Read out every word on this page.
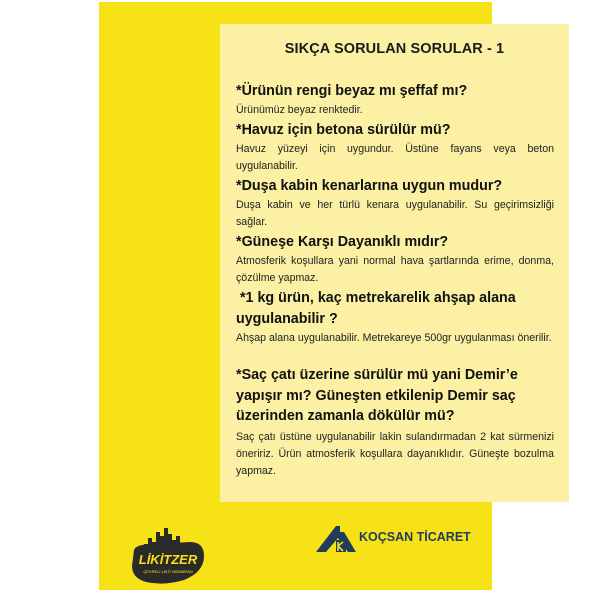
SIKÇA SORULAN SORULAR - 1
*Ürünün rengi beyaz mı şeffaf mı?
Ürünümüz beyaz renktedir.
*Havuz için betona sürülür mü?
Havuz yüzeyi için uygundur. Üstüne fayans veya beton uygulanabilir.
*Duşa kabin kenarlarına uygun mudur?
Duşa kabin ve her türlü kenara uygulanabilir. Su geçirimsizliği sağlar.
*Güneşe Karşı Dayanıklı mıdır?
Atmosferik koşullara yani normal hava şartlarında erime, donma, çözülme yapmaz.
*1 kg ürün, kaç metrekarelik ahşap alana uygulanabilir ?
Ahşap alana uygulanabilir. Metrekareye 500gr uygulanması önerilir.
*Saç çatı üzerine sürülür mü yani Demir’e yapışır mı? Güneşten etkilenip Demir saç üzerinden zamanla dökülür mü?
Saç çatı üstüne uygulanabilir lakin sulandırmadan 2 kat sürmenizi öneririz. Ürün atmosferik koşullara dayanıklıdır. Güneşte bozulma yapmaz.
LİKİTZER
ÇEVRELİ LİKİT MEMBRAN
KOÇSAN TİCARET
